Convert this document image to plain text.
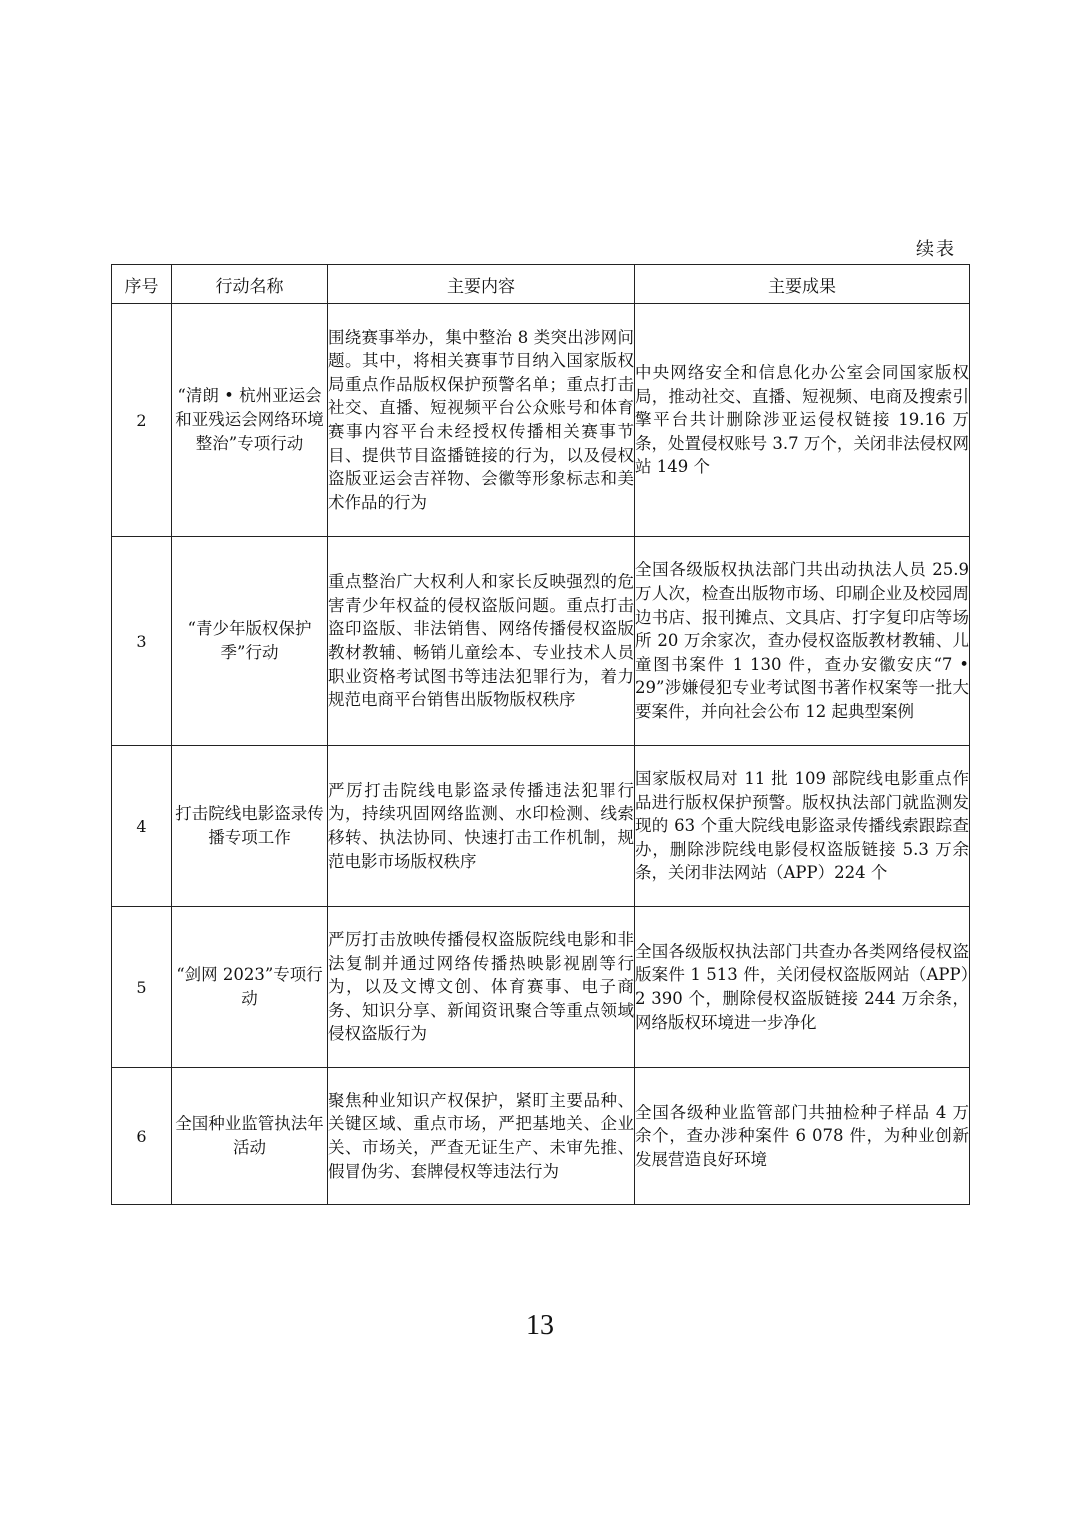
续表
序号	行动名称	主要内容	主要成果
2	“清朗 • 杭州亚运会和亚残运会网络环境整治”专项行动	围绕赛事举办，集中整治 8 类突出涉网问题。其中，将相关赛事节目纳入国家版权局重点作品版权保护预警名单；重点打击社交、直播、短视频平台公众账号和体育赛事内容平台未经授权传播相关赛事节目、提供节目盗播链接的行为，以及侵权盗版亚运会吉祥物、会徽等形象标志和美术作品的行为	中央网络安全和信息化办公室会同国家版权局，推动社交、直播、短视频、电商及搜索引擎平台共计删除涉亚运侵权链接 19.16 万条，处置侵权账号 3.7 万个，关闭非法侵权网站 149 个
3	“青少年版权保护季”行动	重点整治广大权利人和家长反映强烈的危害青少年权益的侵权盗版问题。重点打击盗印盗版、非法销售、网络传播侵权盗版教材教辅、畅销儿童绘本、专业技术人员职业资格考试图书等违法犯罪行为，着力规范电商平台销售出版物版权秩序	全国各级版权执法部门共出动执法人员 25.9 万人次，检查出版物市场、印刷企业及校园周边书店、报刊摊点、文具店、打字复印店等场所 20 万余家次，查办侵权盗版教材教辅、儿童图书案件 1 130 件，查办安徽安庆“7 • 29”涉嫌侵犯专业考试图书著作权案等一批大要案件，并向社会公布 12 起典型案例
4	打击院线电影盗录传播专项工作	严厉打击院线电影盗录传播违法犯罪行为，持续巩固网络监测、水印检测、线索移转、执法协同、快速打击工作机制，规范电影市场版权秩序	国家版权局对 11 批 109 部院线电影重点作品进行版权保护预警。版权执法部门就监测发现的 63 个重大院线电影盗录传播线索跟踪查办，删除涉院线电影侵权盗版链接 5.3 万余条，关闭非法网站（APP）224 个
5	“剑网 2023”专项行动	严厉打击放映传播侵权盗版院线电影和非法复制并通过网络传播热映影视剧等行为，以及文博文创、体育赛事、电子商务、知识分享、新闻资讯聚合等重点领域侵权盗版行为	全国各级版权执法部门共查办各类网络侵权盗版案件 1 513 件，关闭侵权盗版网站（APP）2 390 个，删除侵权盗版链接 244 万余条，网络版权环境进一步净化
6	全国种业监管执法年活动	聚焦种业知识产权保护，紧盯主要品种、关键区域、重点市场，严把基地关、企业关、市场关，严查无证生产、未审先推、假冒伪劣、套牌侵权等违法行为	全国各级种业监管部门共抽检种子样品 4 万余个，查办涉种案件 6 078 件，为种业创新发展营造良好环境
13
